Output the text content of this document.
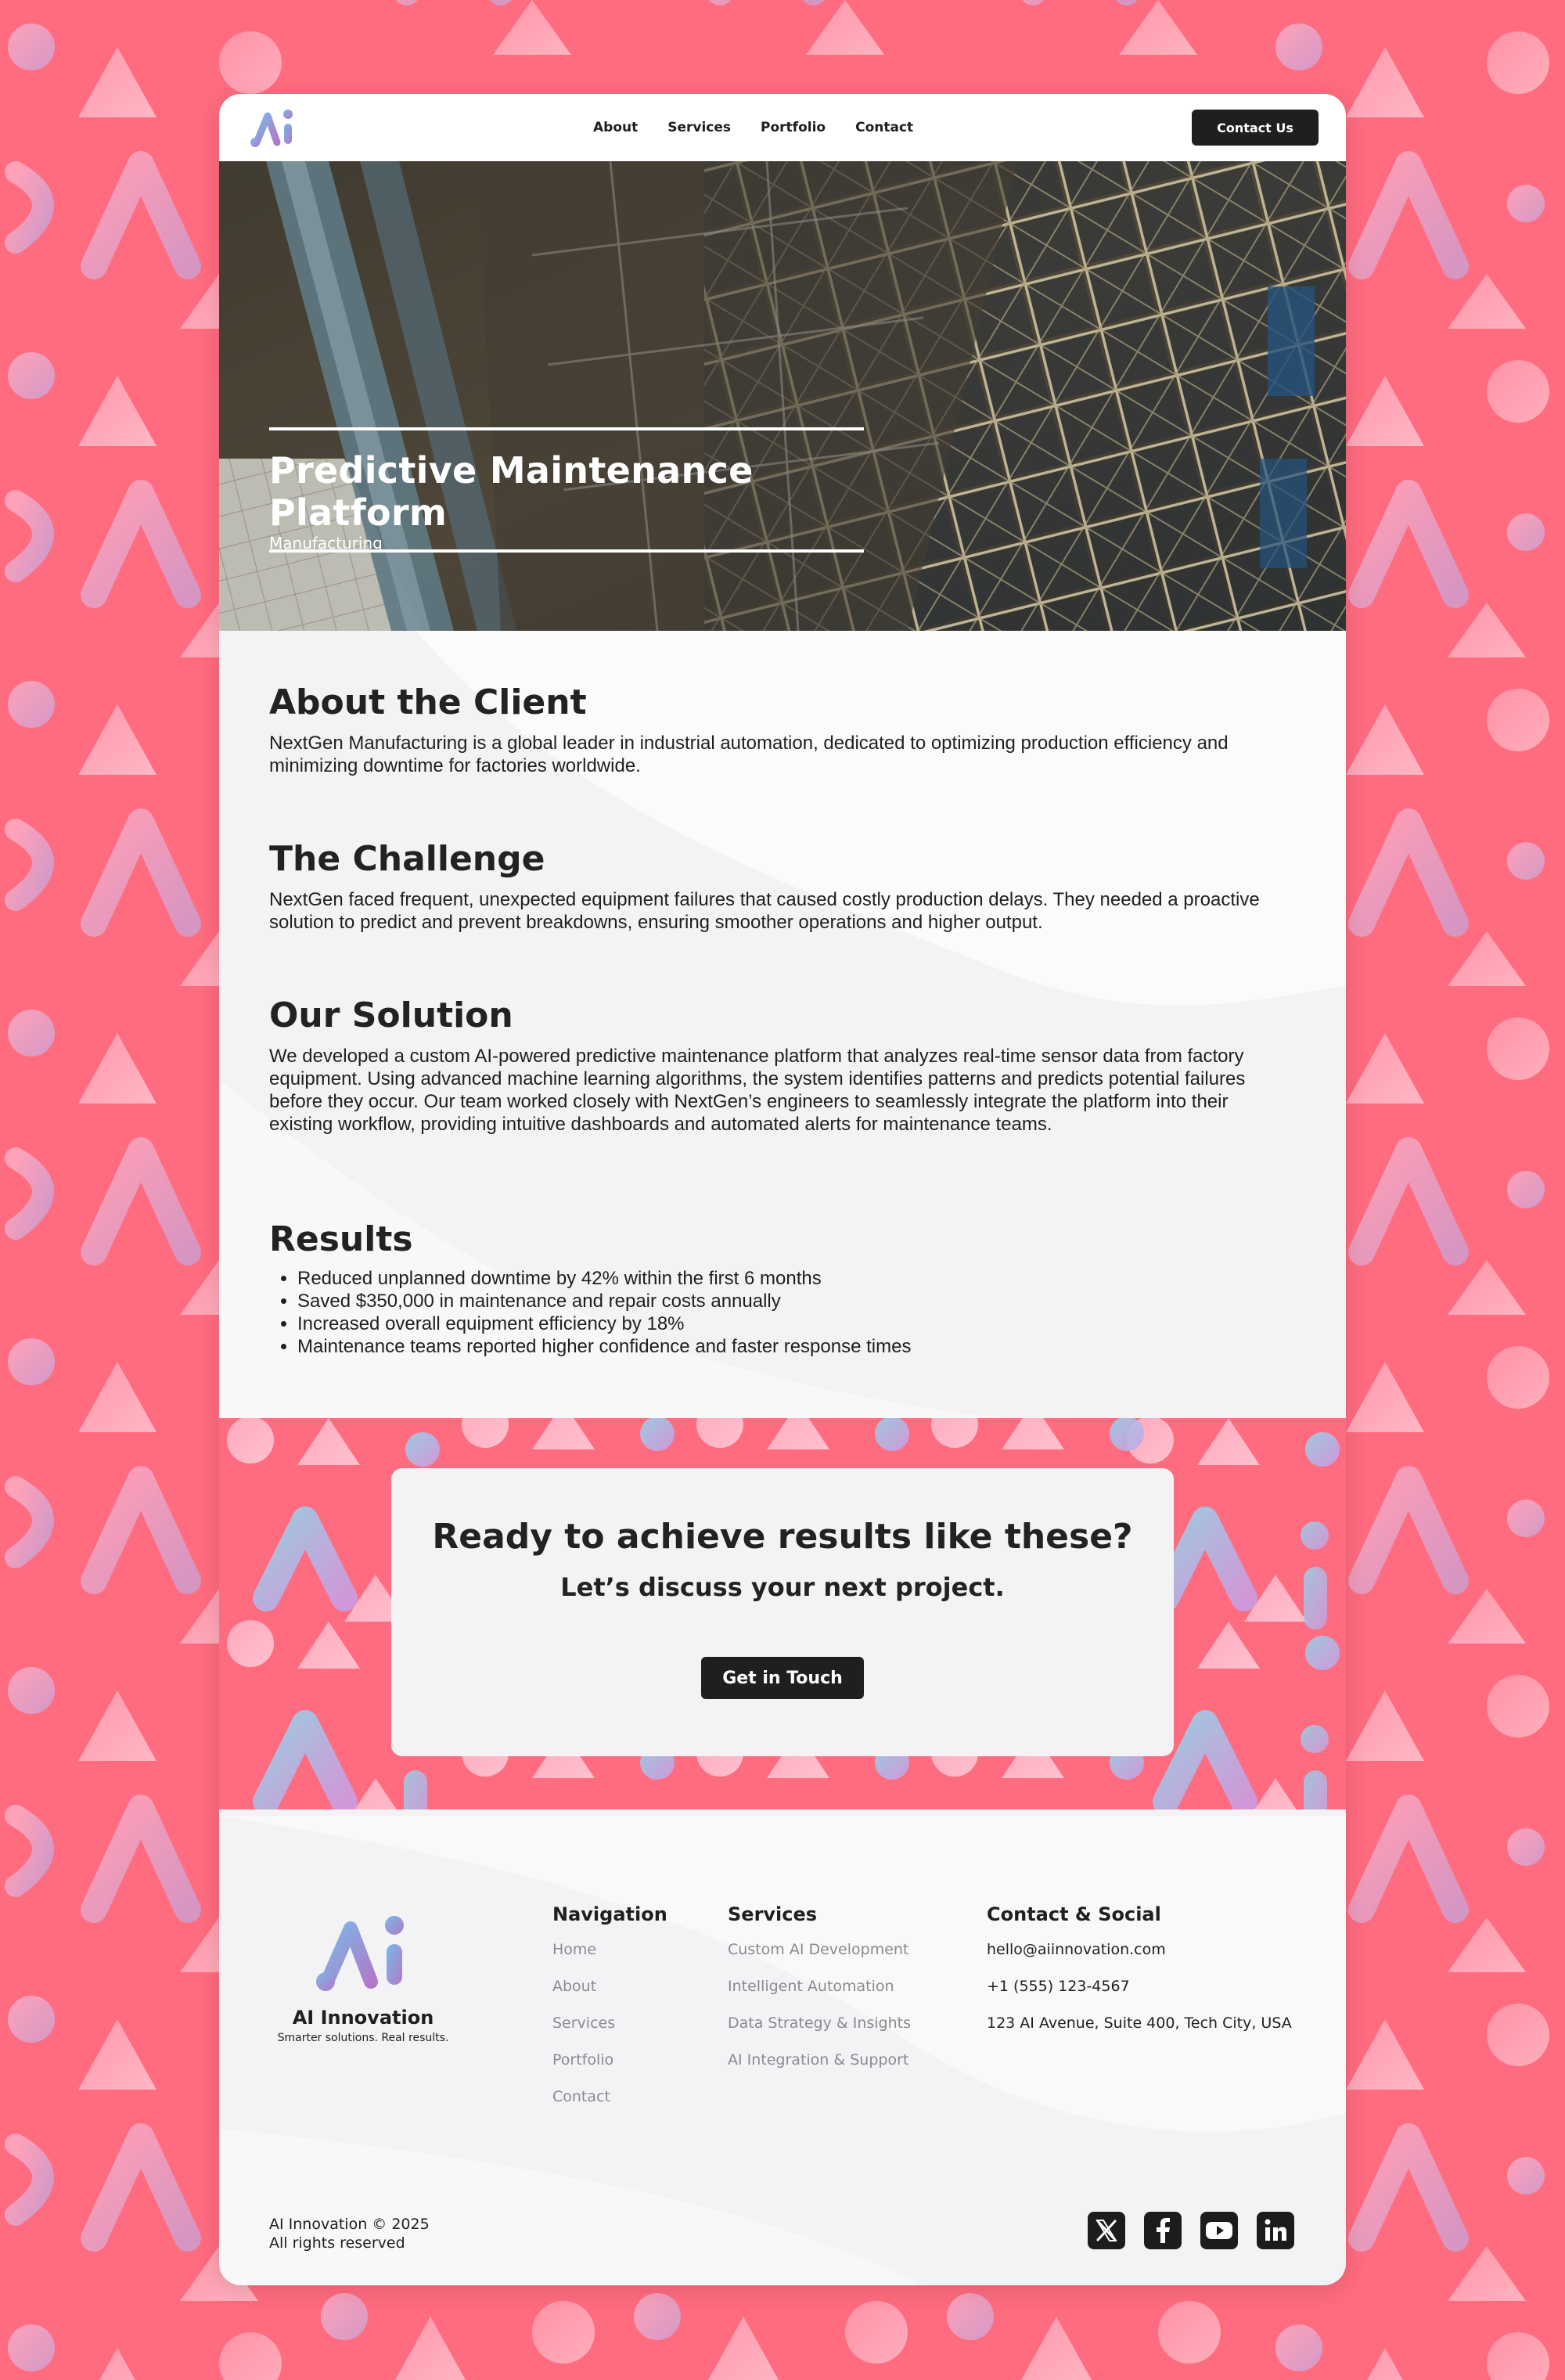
About Services Portfolio Contact	Contact Us
Predictive Maintenance Platform
Manufacturing
About the Client

NextGen Manufacturing is a global leader in industrial automation, dedicated to optimizing production efficiency and minimizing downtime for factories worldwide.

The Challenge

NextGen faced frequent, unexpected equipment failures that caused costly production delays. They needed a proactive solution to predict and prevent breakdowns, ensuring smoother operations and higher output.

Our Solution

We developed a custom AI-powered predictive maintenance platform that analyzes real-time sensor data from factory equipment. Using advanced machine learning algorithms, the system identifies patterns and predicts potential failures before they occur. Our team worked closely with NextGen’s engineers to seamlessly integrate the platform into their existing workflow, providing intuitive dashboards and automated alerts for maintenance teams.

Results
• Reduced unplanned downtime by 42% within the first 6 months
• Saved $350,000 in maintenance and repair costs annually
• Increased overall equipment efficiency by 18%
• Maintenance teams reported higher confidence and faster response times
Ready to achieve results like these?
Let’s discuss your next project.
Get in Touch
AI Innovation
Smarter solutions. Real results.
Navigation
Home
About
Services
Portfolio
Contact
Services
Custom AI Development
Intelligent Automation
Data Strategy & Insights
AI Integration & Support
Contact & Social
hello@aiinnovation.com
+1 (555) 123-4567
123 AI Avenue, Suite 400, Tech City, USA
AI Innovation © 2025
All rights reserved
